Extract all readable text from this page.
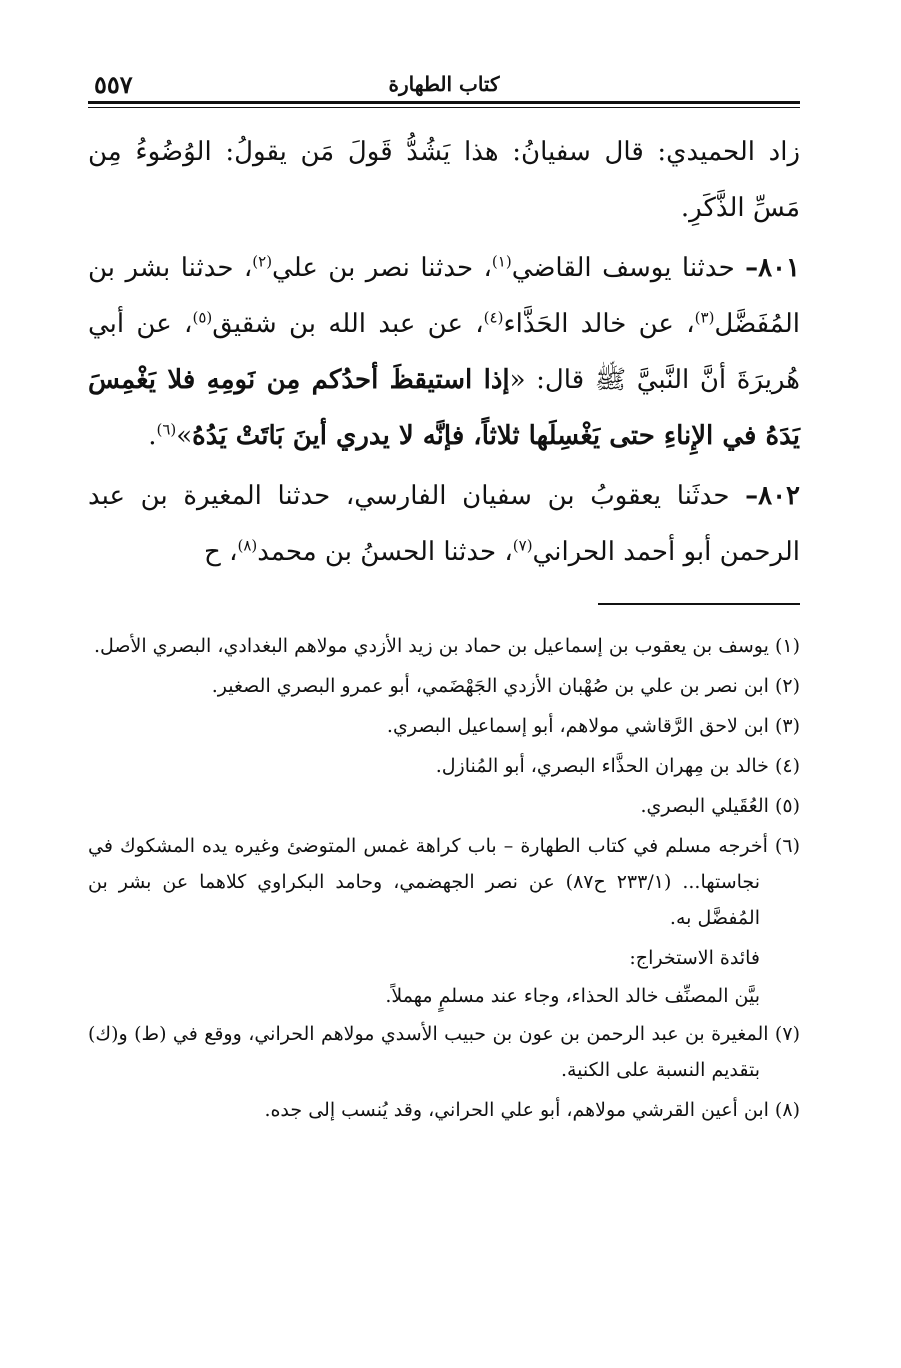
٥٥٧	كتاب الطهارة

زاد الحميدي: قال سفيانُ: هذا يَشُدُّ قَولَ مَن يقولُ: الوُضُوءُ مِن مَسِّ الذَّكَرِ.

٨٠١– حدثنا يوسف القاضي$^{(١)}$، حدثنا نصر بن علي$^{(٢)}$، حدثنا بشر بن المُفَضَّل$^{(٣)}$، عن خالد الحَذَّاء$^{(٤)}$، عن عبد الله بن شقيق$^{(٥)}$، عن أبي هُريرَةَ أنَّ النَّبيَّ ﷺ قال: «إذا استيقظَ أحدُكم مِن نَومِهِ فلا يَغْمِسَ يَدَهُ في الإِناءِ حتى يَغْسِلَها ثلاثاً، فإنَّه لا يدري أينَ بَاتَتْ يَدُهُ»$^{(٦)}$.

٨٠٢– حدثَنا يعقوبُ بن سفيان الفارسي، حدثنا المغيرة بن عبد الرحمن أبو أحمد الحراني$^{(٧)}$، حدثنا الحسنُ بن محمد$^{(٨)}$، ح

(١) يوسف بن يعقوب بن إسماعيل بن حماد بن زيد الأزدي مولاهم البغدادي، البصري الأصل.

(٢) ابن نصر بن علي بن صُهْبان الأزدي الجَهْضَمي، أبو عمرو البصري الصغير.

(٣) ابن لاحق الرَّقاشي مولاهم، أبو إسماعيل البصري.

(٤) خالد بن مِهران الحذَّاء البصري، أبو المُنازل.

(٥) العُقَيلي البصري.

(٦) أخرجه مسلم في كتاب الطهارة – باب كراهة غمس المتوضئ وغيره يده المشكوك في نجاستها... (٢٣٣/١ ح٨٧) عن نصر الجهضمي، وحامد البكراوي كلاهما عن بشر بن المُفضَّل به.

فائدة الاستخراج:

بيَّن المصنِّف خالد الحذاء، وجاء عند مسلمٍ مهملاً.

(٧) المغيرة بن عبد الرحمن بن عون بن حبيب الأسدي مولاهم الحراني، ووقع في (ط) و(ك) بتقديم النسبة على الكنية.

(٨) ابن أعين القرشي مولاهم، أبو علي الحراني، وقد يُنسب إلى جده.
